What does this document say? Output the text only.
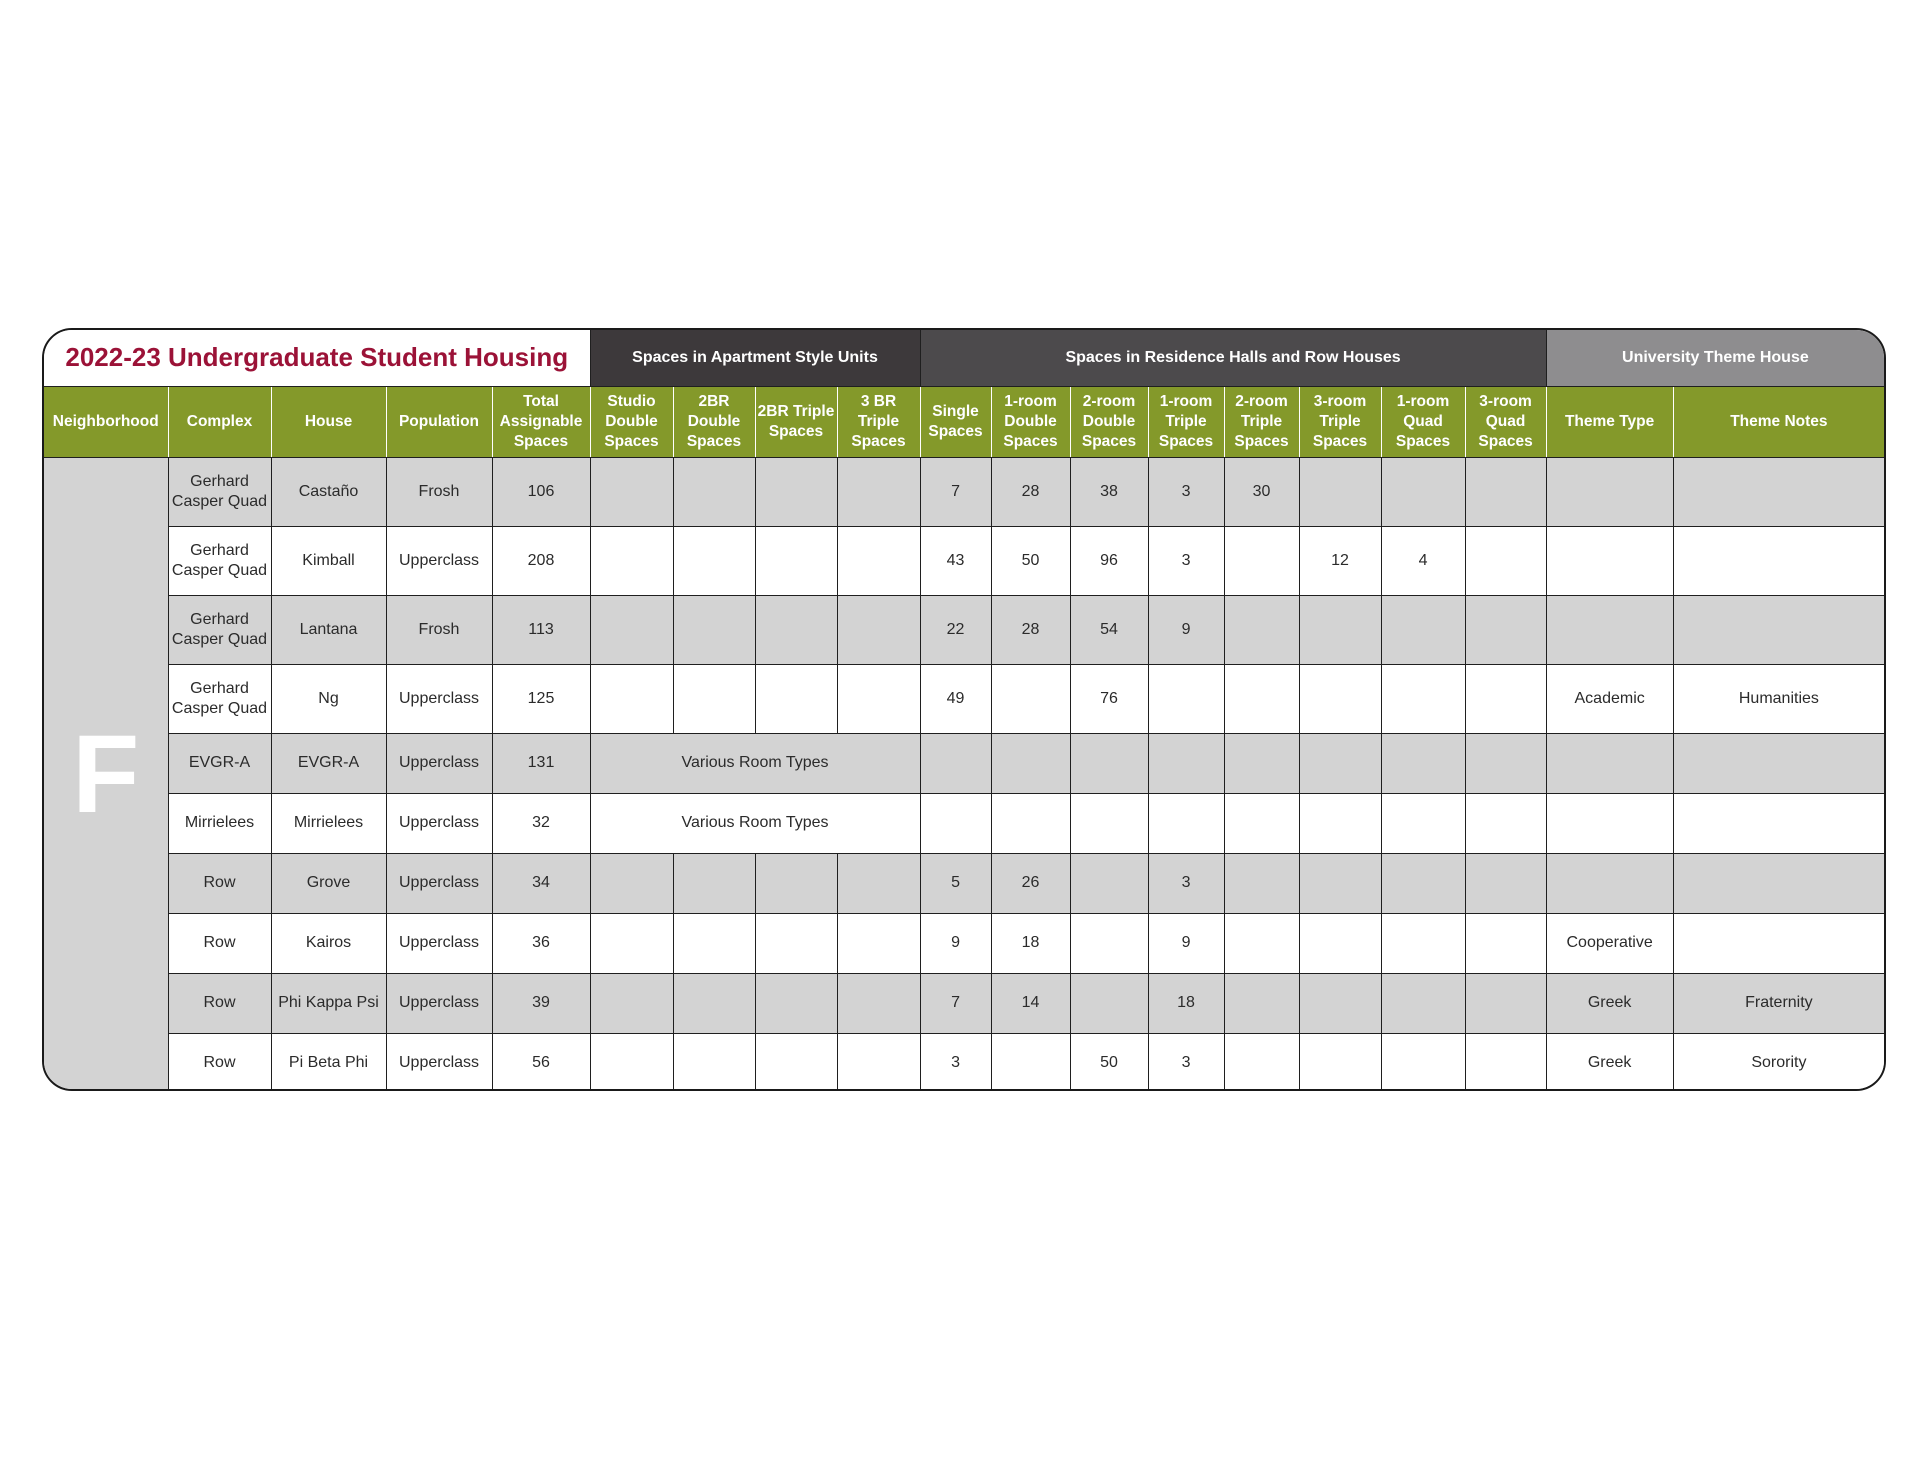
2022-23 Undergraduate Student Housing					Spaces in Apartment Style Units				Spaces in Residence Halls and Row Houses								University Theme House	
Neighborhood	Complex	House	Population	Total Assignable Spaces	Studio Double Spaces	2BR Double Spaces	2BR Triple Spaces	3 BR Triple Spaces	Single Spaces	1-room Double Spaces	2-room Double Spaces	1-room Triple Spaces	2-room Triple Spaces	3-room Triple Spaces	1-room Quad Spaces	3-room Quad Spaces	Theme Type	Theme Notes
F	Gerhard Casper Quad	Castaño	Frosh	106					7	28	38	3	30					
	Gerhard Casper Quad	Kimball	Upperclass	208					43	50	96	3		12	4			
	Gerhard Casper Quad	Lantana	Frosh	113					22	28	54	9						
	Gerhard Casper Quad	Ng	Upperclass	125					49		76						Academic	Humanities
	EVGR-A	EVGR-A	Upperclass	131	Various Room Types													
	Mirrielees	Mirrielees	Upperclass	32	Various Room Types													
	Row	Grove	Upperclass	34					5	26		3						
	Row	Kairos	Upperclass	36					9	18		9					Cooperative	
	Row	Phi Kappa Psi	Upperclass	39					7	14		18					Greek	Fraternity
	Row	Pi Beta Phi	Upperclass	56					3		50	3					Greek	Sorority
